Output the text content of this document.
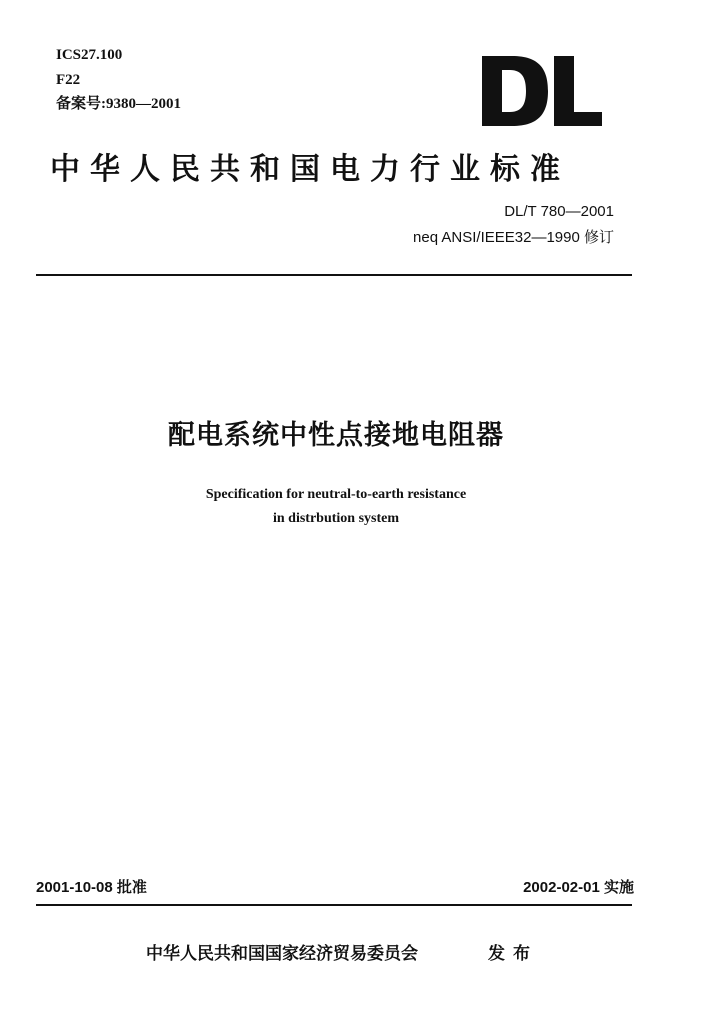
ICS27.100
F22
备案号:9380—2001
中华人民共和国电力行业标准
DL/T 780—2001
neq ANSI/IEEE32—1990 修订
配电系统中性点接地电阻器
Specification for neutral-to-earth resistance
in distrbution system
2001-10-08 批准	2002-02-01 实施
中华人民共和国国家经济贸易委员会	发布
